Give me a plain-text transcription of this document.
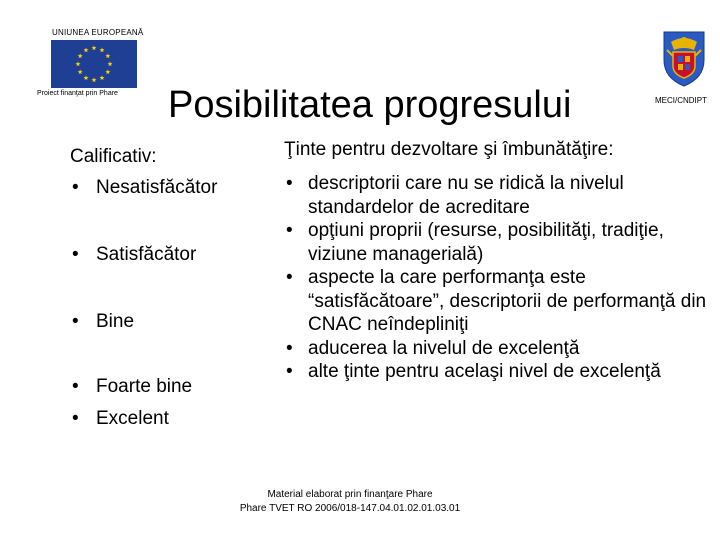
UNIUNEA EUROPEANĂ
Proiect finanţat prin Phare
MECI/CNDIPT
Posibilitatea progresului
Calificativ:
• Nesatisfăcător
• Satisfăcător
• Bine
• Foarte bine
• Excelent
Ţinte pentru dezvoltare şi îmbunătăţire:
• descriptorii care nu se ridică la nivelul standardelor de acreditare
• opţiuni proprii (resurse, posibilităţi, tradiţie, viziune managerială)
• aspecte la care performanţa este “satisfăcătoare”, descriptorii de performanţă din CNAC neîndepliniţi
• aducerea la nivelul de excelenţă
• alte ţinte pentru acelaşi nivel de excelenţă
Material elaborat prin finanţare Phare
Phare TVET RO 2006/018-147.04.01.02.01.03.01
